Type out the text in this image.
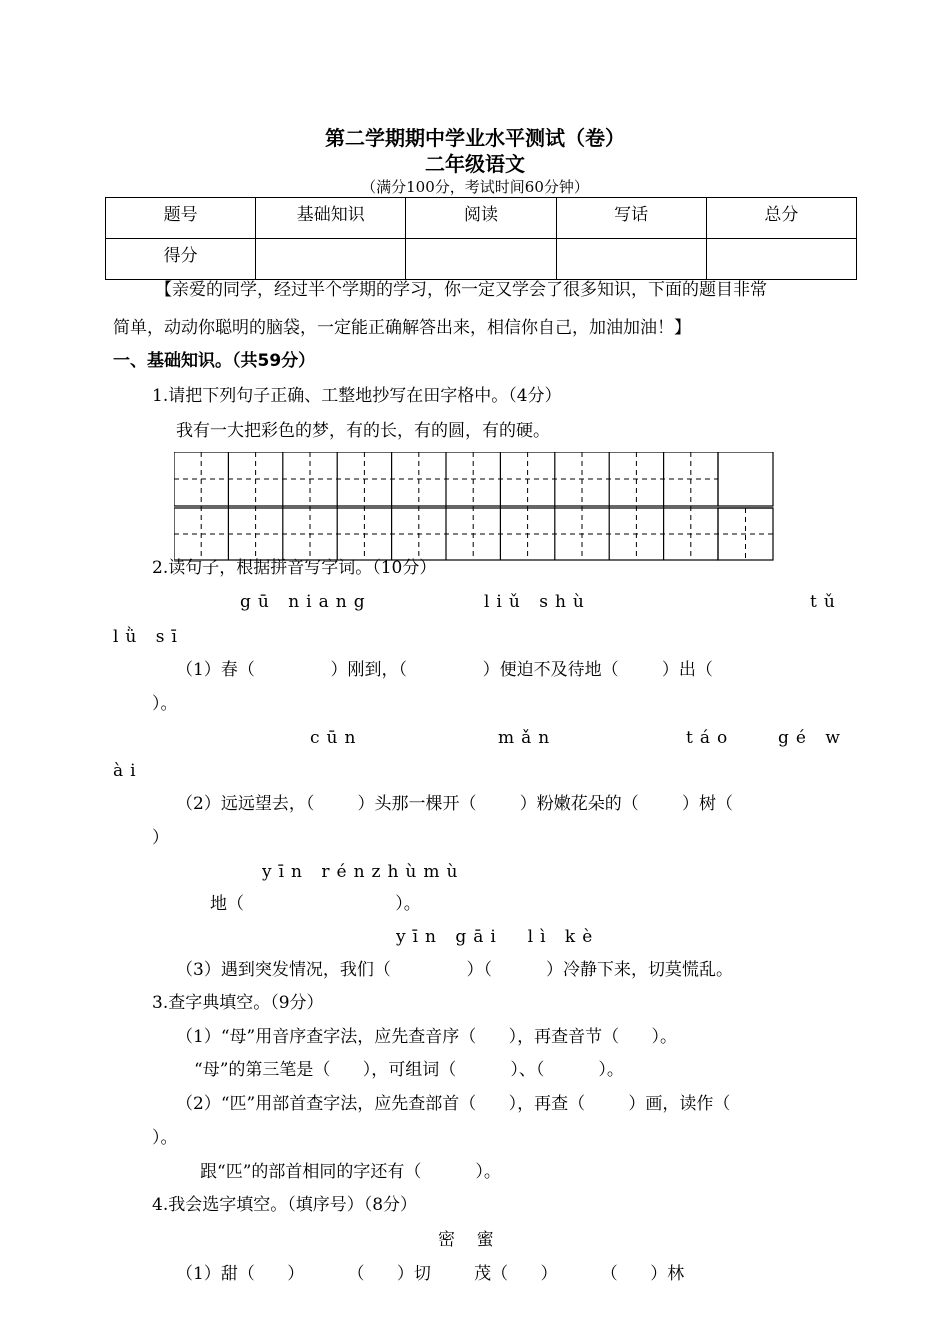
第二学期期中学业水平测试（卷）
二年级语文
（满分100分，考试时间60分钟）
题号	基础知识	阅读	写话	总分
得分				
【亲爱的同学，经过半个学期的学习，你一定又学会了很多知识，下面的题目非常
简单，动动你聪明的脑袋，一定能正确解答出来，相信你自己，加油加油！】
一、基础知识。（共59分）
1.请把下列句子正确、工整地抄写在田字格中。（4分）
我有一大把彩色的梦，有的长，有的圆，有的硬。
2.读句子，根据拼音写字词。（10分）
gū niang	liǔ shù	tǔ
lǜ sī
（1）春（              ）刚到，（              ）便迫不及待地（        ）出（
）。
cūn	mǎn	táo	gé w
ài
（2）远远望去，（        ）头那一棵开（        ）粉嫩花朵的（        ）树（
）
yīn rénzhùmù
地（                            ）。
yīn gāi  lì kè
（3）遇到突发情况，我们（              ）（          ）冷静下来，切莫慌乱。
3.查字典填空。（9分）
（1）“母”用音序查字法，应先查音序（      ），再查音节（      ）。
“母”的第三笔是（      ），可组词（          ）、（          ）。
（2）“匹”用部首查字法，应先查部首（      ），再查（        ）画，读作（
）。
跟“匹”的部首相同的字还有（          ）。
4.我会选字填空。（填序号）（8分）
密    蜜
（1）甜（      ）        （      ）切        茂（      ）        （      ）林
